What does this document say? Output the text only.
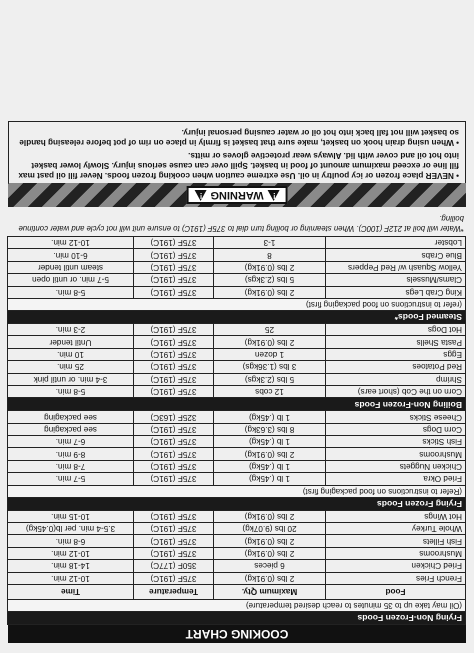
COOKING CHART
Frying Non-Frozen Foods			
(Oil may take up to 35 minutes to reach desired temperature)			
Food	Maximum Qty.	Temperature	Time
French Fries	2 lbs (0.91kg)	375F (191C)	10-12 min.
Fried Chicken	6 pieces	350F (177C)	14-18 min.
Mushrooms	2 lbs (0.91kg)	375F (191C)	10-12 min.
Fish Fillets	2 lbs (0.91kg)	375F (191C)	6-8 min.
Whole Turkey	20 lbs (9.07kg)	375F (191C)	3.5-4 min. per lb(0.45kg)
Hot Wings	2 lbs (0.91kg)	375F (191C)	10-15 min.
Frying Frozen Foods			
(Refer to instructions on food packaging first)			
Fried Okra	1 lb (.45kg)	375F (191C)	5-7 min.
Chicken Nuggets	1 lb (.45kg)	375F (191C)	7-8 min.
Mushrooms	2 lbs (0.91kg)	375F (191C)	8-9 min.
Fish Sticks	1 lb (.45kg)	375F (191C)	6-7 min.
Corn Dogs	8 lbs (3.63kg)	375F (191C)	see packaging
Cheese Sticks	1 lb (.45kg)	325F (163C)	see packaging
Boiling Non-Frozen Foods			
Corn on the Cob (short ears)	12 cobs	375F (191C)	5-8 min.
Shrimp	5 lbs (2.3kgs)	375F (191C)	3-4 min. or until pink
Red Potatoes	3 lbs (1.36kgs)	375F (191C)	25 min.
Eggs	1 dozen	375F (191C)	10 min.
Pasta Shells	2 lbs (0.91kg)	375F (191C)	Until tender
Hot Dogs	25	375F (191C)	2-3 min.
Steamed Foods*			
(refer to instructions on food packaging first)			
King Crab Legs	2 lbs (0.91kg)	375F (191C)	5-8 min.
Clams/Mussels	5 lbs (2.3kgs)	375F (191C)	5-7 min. or until open
Yellow Squash w/ Red Peppers	2 lbs (0.91kg)	375F (191C)	steam until tender
Blue Crabs	8	375F (191C)	6-10 min.
Lobster	1-3	375F (191C)	10-12 min.
*Water will boil at 212F (100C). When steaming or boiling turn dial to 375F (191C) to ensure unit will not cycle and water continue boiling.
!
WARNING
!

• NEVER place frozen or icy poultry in oil. Use extreme caution when cooking frozen foods. Never fill oil past max fill line or exceed maximum amount of food in basket. Spill over can cause serious injury. Slowly lower basket into hot oil and cover with lid. Always wear protective gloves or mitts.

• When using drain hook on basket, make sure that basket is firmly in place on rim of pot before releasing handle so basket will not fall back into hot oil or water causing personal injury.
